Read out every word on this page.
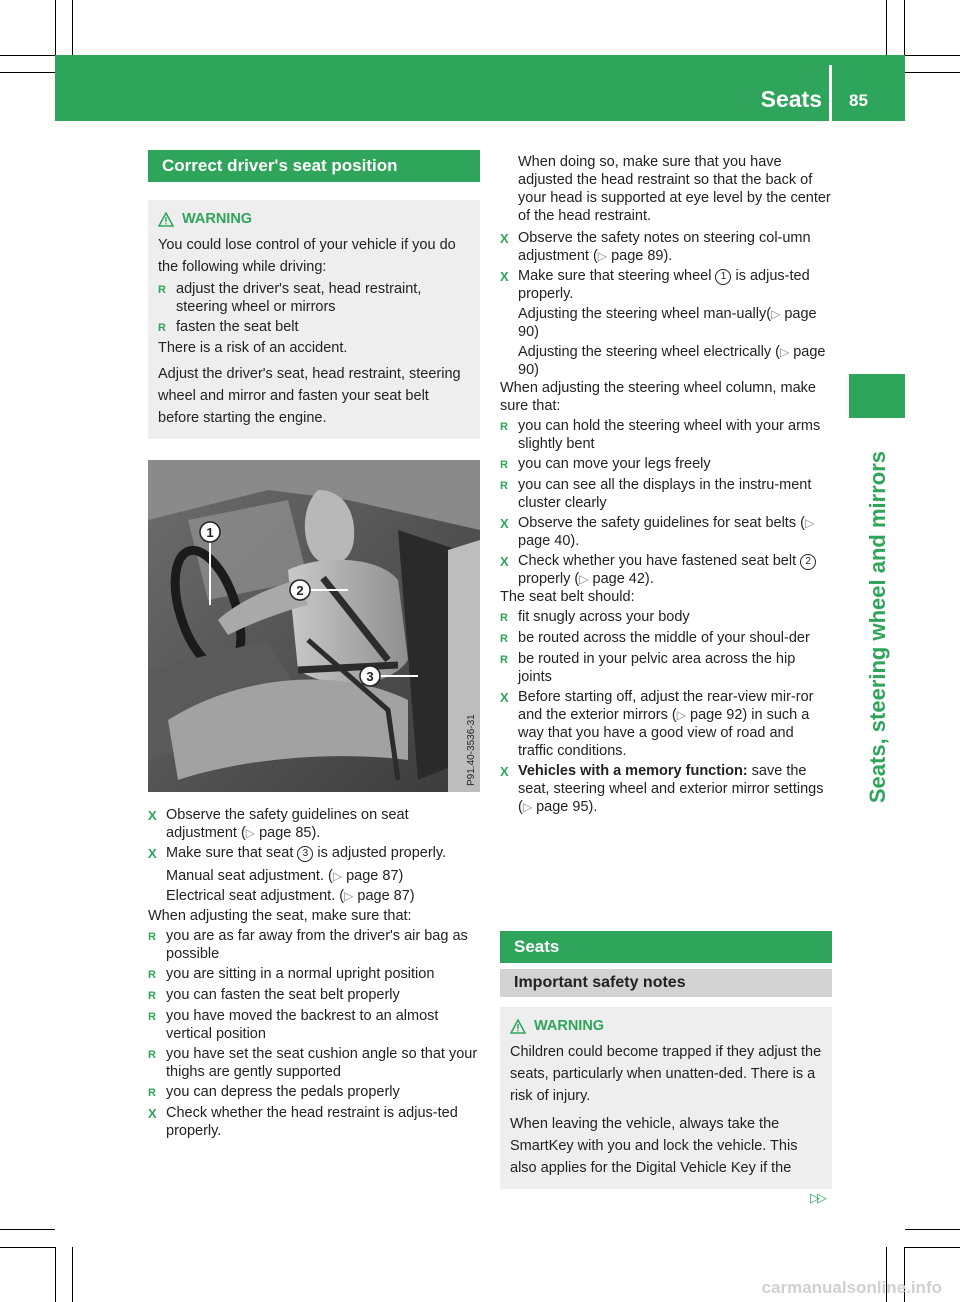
Seats 85
Seats, steering wheel and mirrors
Correct driver's seat position
WARNING

You could lose control of your vehicle if you do the following while driving:

R adjust the driver's seat, head restraint, steering wheel or mirrors
R fasten the seat belt

There is a risk of an accident.

Adjust the driver's seat, head restraint, steering wheel and mirror and fasten your seat belt before starting the engine.

1
2
3
P91.40-3536-31
X Observe the safety guidelines on seat adjustment (▷ page 85).
X Make sure that seat 3 is adjusted properly.

Manual seat adjustment. (▷ page 87)

Electrical seat adjustment. (▷ page 87)

When adjusting the seat, make sure that:

R you are as far away from the driver's air bag as possible
R you are sitting in a normal upright position
R you can fasten the seat belt properly
R you have moved the backrest to an almost vertical position
R you have set the seat cushion angle so that your thighs are gently supported
R you can depress the pedals properly
X Check whether the head restraint is adjus-ted properly.

When doing so, make sure that you have adjusted the head restraint so that the back of your head is supported at eye level by the center of the head restraint.

X Observe the safety notes on steering col-umn adjustment (▷ page 89).
X Make sure that steering wheel 1 is adjus-ted properly.

Adjusting the steering wheel man-ually(▷ page 90)

Adjusting the steering wheel electrically (▷ page 90)

When adjusting the steering wheel column, make sure that:

R you can hold the steering wheel with your arms slightly bent
R you can move your legs freely
R you can see all the displays in the instru-ment cluster clearly
X Observe the safety guidelines for seat belts (▷ page 40).
X Check whether you have fastened seat belt 2 properly (▷ page 42).

The seat belt should:

R fit snugly across your body
R be routed across the middle of your shoul-der
R be routed in your pelvic area across the hip joints
X Before starting off, adjust the rear-view mir-ror and the exterior mirrors (▷ page 92) in such a way that you have a good view of road and traffic conditions.
X Vehicles with a memory function: save the seat, steering wheel and exterior mirror settings (▷ page 95).
Seats
Important safety notes
WARNING

Children could become trapped if they adjust the seats, particularly when unatten-ded. There is a risk of injury.

When leaving the vehicle, always take the SmartKey with you and lock the vehicle. This also applies for the Digital Vehicle Key if the

▷▷
carmanualsonline.info
